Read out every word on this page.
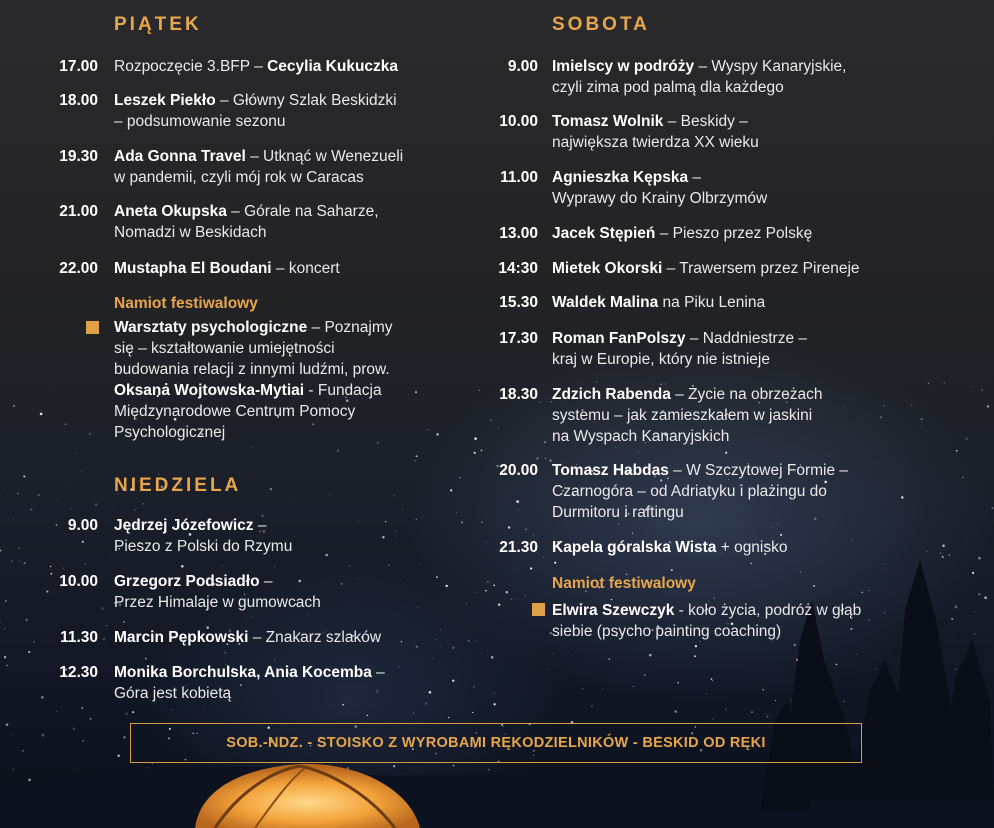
PIĄTEK	SOBOTA
NIEDZIELA
17.00 Rozpoczęcie 3.BFP – Cecylia Kukuczka
18.00 Leszek Piekło – Główny Szlak Beskidzki
– podsumowanie sezonu
19.30 Ada Gonna Travel – Utknąć w Wenezueli
w pandemii, czyli mój rok w Caracas
21.00 Aneta Okupska – Górale na Saharze,
Nomadzi w Beskidach
22.00 Mustapha El Boudani – koncert
9.00 Jędrzej Józefowicz –
Pieszo z Polski do Rzymu
10.00 Grzegorz Podsiadło –
Przez Himalaje w gumowcach
11.30 Marcin Pępkowski – Znakarz szlaków
12.30 Monika Borchulska, Ania Kocemba –
Góra jest kobietą
9.00 Imielscy w podróży – Wyspy Kanaryjskie,
czyli zima pod palmą dla każdego
10.00 Tomasz Wolnik – Beskidy –
największa twierdza XX wieku
11.00 Agnieszka Kępska –
Wyprawy do Krainy Olbrzymów
13.00 Jacek Stępień – Pieszo przez Polskę
14:30 Mietek Okorski – Trawersem przez Pireneje
15.30 Waldek Malina na Piku Lenina
17.30 Roman FanPolszy – Naddniestrze –
kraj w Europie, który nie istnieje
18.30 Zdzich Rabenda – Życie na obrzeżach
systemu – jak zamieszkałem w jaskini
na Wyspach Kanaryjskich
20.00 Tomasz Habdas – W Szczytowej Formie –
Czarnogóra – od Adriatyku i plażingu do
Durmitoru i raftingu
21.30 Kapela góralska Wista + ognisko
Namiot festiwalowy
Warsztaty psychologiczne – Poznajmy
się – kształtowanie umiejętności
budowania relacji z innymi ludźmi, prow.
Oksana Wojtowska-Mytiai - Fundacja
Międzynarodowe Centrum Pomocy
Psychologicznej
Namiot festiwalowy
Elwira Szewczyk - koło życia, podróż w głąb
siebie (psycho painting coaching)
SOB.-NDZ. - STOISKO Z WYROBAMI RĘKODZIELNIKÓW - BESKID OD RĘKI
